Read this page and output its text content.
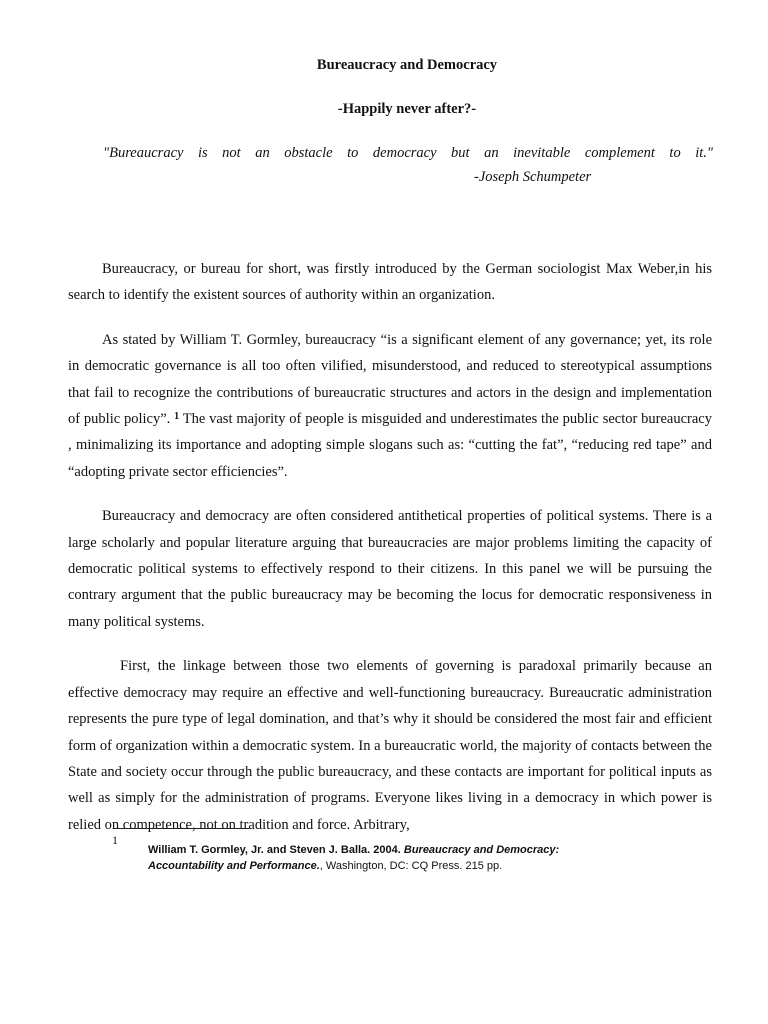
Bureaucracy and Democracy
-Happily never after?-
"Bureaucracy is not an obstacle to democracy but an inevitable complement to it."
-Joseph Schumpeter

Bureaucracy, or bureau for short, was firstly introduced by the German sociologist Max Weber,in his search to identify the existent sources of authority within an organization.

As stated by William T. Gormley, bureaucracy “is a significant element of any governance; yet, its role in democratic governance is all too often vilified, misunderstood, and reduced to stereotypical assumptions that fail to recognize the contributions of bureaucratic structures and actors in the design and implementation of public policy”. $^1$ The vast majority of people is misguided and underestimates the public sector bureaucracy , minimalizing its importance and adopting simple slogans such as: “cutting the fat”, “reducing red tape” and “adopting private sector efficiencies”.

Bureaucracy and democracy are often considered antithetical properties of political systems. There is a large scholarly and popular literature arguing that bureaucracies are major problems limiting the capacity of democratic political systems to effectively respond to their citizens. In this panel we will be pursuing the contrary argument that the public bureaucracy may be becoming the locus for democratic responsiveness in many political systems.

First, the linkage between those two elements of governing is paradoxal primarily because an effective democracy may require an effective and well-functioning bureaucracy. Bureaucratic administration represents the pure type of legal domination, and that’s why it should be considered the most fair and efficient form of organization within a democratic system. In a bureaucratic world, the majority of contacts between the State and society occur through the public bureaucracy, and these contacts are important for political inputs as well as simply for the administration of programs. Everyone likes living in a democracy in which power is relied on competence, not on tradition and force. Arbitrary,

1
William T. Gormley, Jr. and Steven J. Balla. 2004. Bureaucracy and Democracy: Accountability and Performance., Washington, DC: CQ Press. 215 pp.
